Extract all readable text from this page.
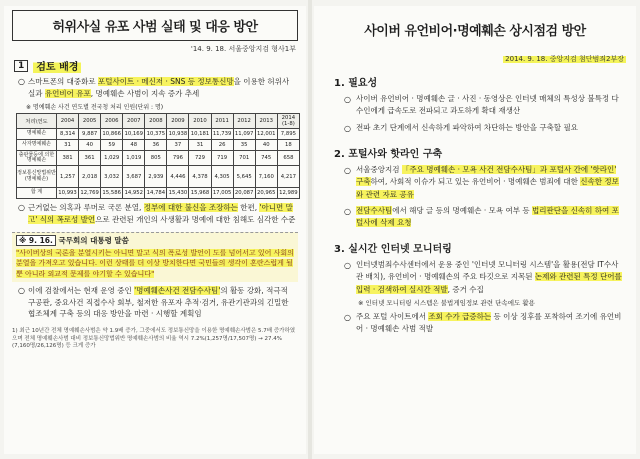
허위사실 유포 사범 실태 및 대응 방안
'14. 9. 18. 서울중앙지검 형사1부
1	검토 배경
○ 스마트폰의 대중화로 포털사이트 · 메신저 · SNS 등 정보통신망을 이용한 허위사실과 유언비어 유포, 명예훼손 사범이 지속 증가 추세
※ 명예훼손 사건 연도별 전국청 처리 인원(단위 : 명)
처리\연도	2004	2005	2006	2007	2008	2009	2010	2011	2012	2013	2014 (1-8)
명예훼손	8,314	9,887	10,866	10,169	10,375	10,938	10,181	11,739	11,097	12,001	7,895
사자명예훼손	31	40	59	48	36	37	31	26	35	40	18
출판물등에 의한명예훼손	381	361	1,029	1,019	805	796	729	719	701	745	658
정보통신망법위반(명예훼손)	1,257	2,018	3,032	3,687	2,939	4,446	4,378	4,305	5,645	7,160	4,217
합 계	10,993	12,769	15,586	14,952	14,784	15,430	15,968	17,005	20,087	20,965	12,989
○ 근거없는 의혹과 루머로 국론 분열, 정부에 대한 불신을 조장하는 한편, '아니면 말고' 식의 폭로성 발언으로 관련된 개인의 사생활과 명예에 대한 침해도 심각한 수준
※ 9. 16. 국무회의 대통령 말씀
"사이버상의 국론을 분열시키는 아니면 말고 식의 폭로성 발언이 도를 넘어서고 있어 사회의 분열을 가져오고 있습니다. 이런 상태를 더 이상 방치한다면 국민들의 생각이 혼란스럽게 될 뿐 아니라 외교적 문제를 야기할 수 있습니다"
○ 이에 검찰에서는 현재 운영 중인 '명예훼손사건 전담수사팀'의 활동 강화, 적극적 구공판, 중요사건 직접수사 회부, 철저한 유포자 추적·검거, 유관기관과의 긴밀한 협조체계 구축 등의 대응 방안을 마련 · 시행할 계획임
1) 최근 10년간 전체 명예훼손사범은 약 1.9배 증가, 그중에서도 정보통신망을 이용한 명예훼손사범은 5.7배 증가하였으며 전체 명예훼손사범 대비 정보통신망법위반 명예훼손사범의 비율 역시 7.2%(1,257명/17,507명) → 27.4%(7,160명/26,126명) 등 크게 증가
사이버 유언비어·명예훼손 상시점검 방안
2014. 9. 18. 중앙지검 첨단범죄2부장
1. 필요성
○ 사이버 유언비어 · 명예훼손 글 · 사진 · 동영상은 인터넷 매체의 특성상 불특정 다수인에게 급속도로 전파되고 과도하게 확대 재생산
○ 전파 초기 단계에서 신속하게 파악하여 차단하는 방안을 구축할 필요
2. 포털사와 핫라인 구축
○ 서울중앙지검 「주요 명예훼손 · 모욕 사건 전담수사팀」과 포털사 간에 '핫라인' 구축하여, 사회적 이슈가 되고 있는 유언비어 · 명예훼손 범죄에 대한 신속한 정보와 관련 자료 공유
○ 전담수사팀에서 해당 글 등의 명예훼손 · 모욕 여부 등 법리판단을 신속히 하여 포털사에 삭제 요청
3. 실시간 인터넷 모니터링
○ 인터넷범죄수사센터에서 운용 중인 '인터넷 모니터링 시스템'을 활용(전담 IT수사관 배치), 유언비어 · 명예훼손의 주요 타깃으로 지목된 논제와 관련된 특정 단어를 입력 · 검색하여 실시간 적발, 증거 수집
※ 인터넷 모니터링 시스템은 불법게임정보 관련 단속에도 활용
○ 주요 포털 사이트에서 조회 수가 급증하는 등 이상 징후를 포착하여 조기에 유언비어 · 명예훼손 사범 적발
